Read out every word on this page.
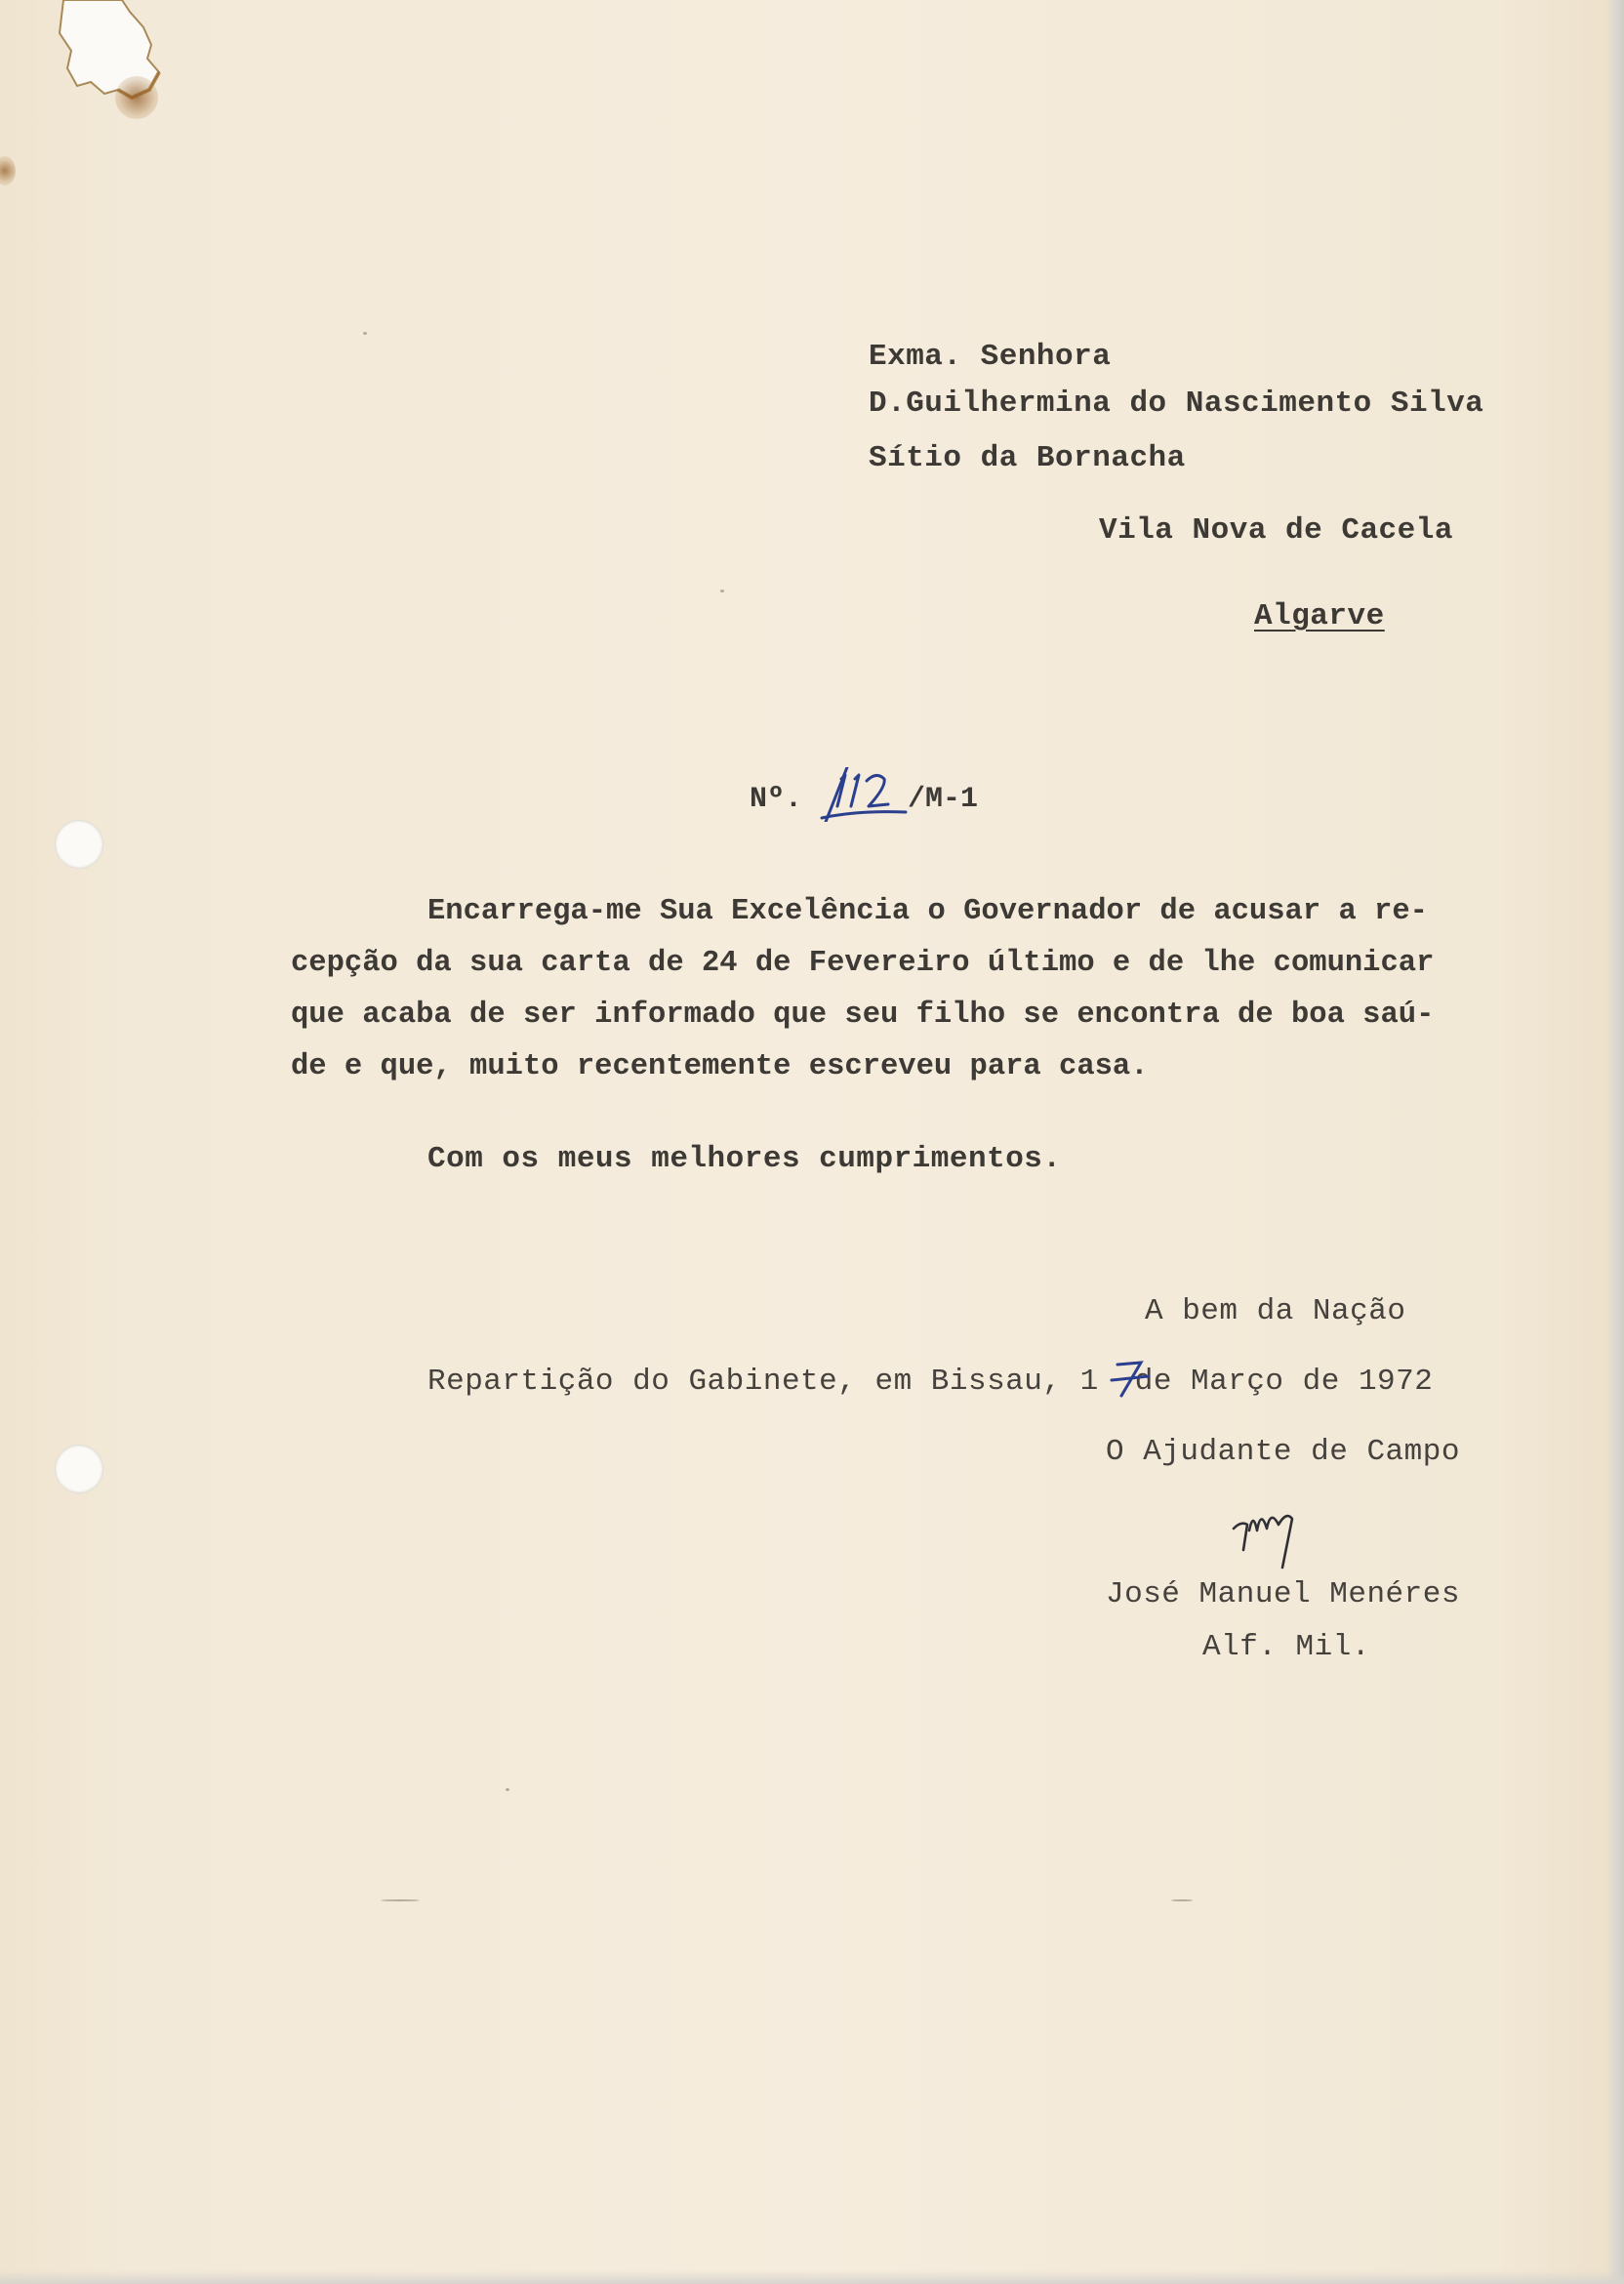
Exma. Senhora
D.Guilhermina do Nascimento Silva
Sítio da Bornacha
Vila Nova de Cacela
Algarve
Nº.	/M-1
Encarrega-me Sua Excelência o Governador de acusar a re-
cepção da sua carta de 24 de Fevereiro último e de lhe comunicar
que acaba de ser informado que seu filho se encontra de boa saú-
de e que, muito recentemente escreveu para casa.
Com os meus melhores cumprimentos.
A bem da Nação
Repartição do Gabinete, em Bissau, 1 de Março de 1972
O Ajudante de Campo
José Manuel Menéres
Alf. Mil.
